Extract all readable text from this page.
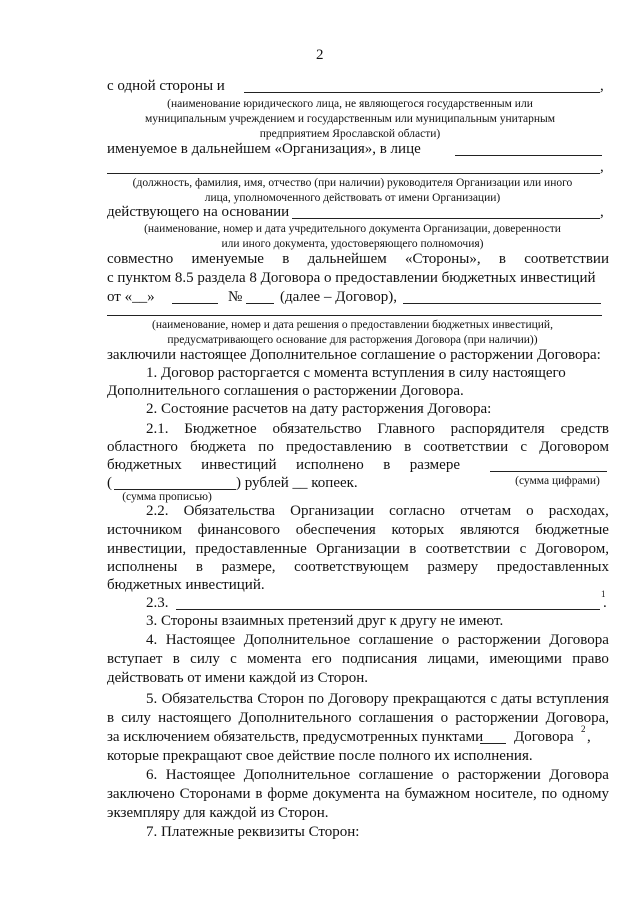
2
с одной стороны и	,
(наименование юридического лица, не являющегося государственным или
муниципальным учреждением и государственным или муниципальным унитарным
предприятием Ярославской области)
именуемое в дальнейшем «Организация», в лице
,
(должность, фамилия, имя, отчество (при наличии) руководителя Организации или иного
лица, уполномоченного действовать от имени Организации)
действующего на основании	,
(наименование, номер и дата учредительного документа Организации, доверенности
или иного документа, удостоверяющего полномочия)
совместно именуемые в дальнейшем «Стороны», в соответствии
с пунктом 8.5 раздела 8 Договора о предоставлении бюджетных инвестиций
от «__»	№	(далее – Договор),
(наименование, номер и дата решения о предоставлении бюджетных инвестиций,
предусматривающего основание для расторжения Договора (при наличии))
заключили настоящее Дополнительное соглашение о расторжении Договора:
1. Договор расторгается с момента вступления в силу настоящего
Дополнительного соглашения о расторжении Договора.
2. Состояние расчетов на дату расторжения Договора:
2.1. Бюджетное обязательство Главного распорядителя средств
областного бюджета по предоставлению в соответствии с Договором
бюджетных инвестиций исполнено в размере
(	) рублей __ копеек.	(сумма цифрами)
(сумма прописью)
2.2. Обязательства Организации согласно отчетам о расходах,
источником финансового обеспечения которых являются бюджетные
инвестиции, предоставленные Организации в соответствии с Договором,
исполнены в размере, соответствующем размеру предоставленных
бюджетных инвестиций.
2.3.
1
.
3. Стороны взаимных претензий друг к другу не имеют.
4. Настоящее Дополнительное соглашение о расторжении Договора
вступает в силу с момента его подписания лицами, имеющими право
действовать от имени каждой из Сторон.
5. Обязательства Сторон по Договору прекращаются с даты вступления
в силу настоящего Дополнительного соглашения о расторжении Договора,
за исключением обязательств, предусмотренных пунктами Договора 2 ,
которые прекращают свое действие после полного их исполнения.
6. Настоящее Дополнительное соглашение о расторжении Договора
заключено Сторонами в форме документа на бумажном носителе, по одному
экземпляру для каждой из Сторон.
7. Платежные реквизиты Сторон:
